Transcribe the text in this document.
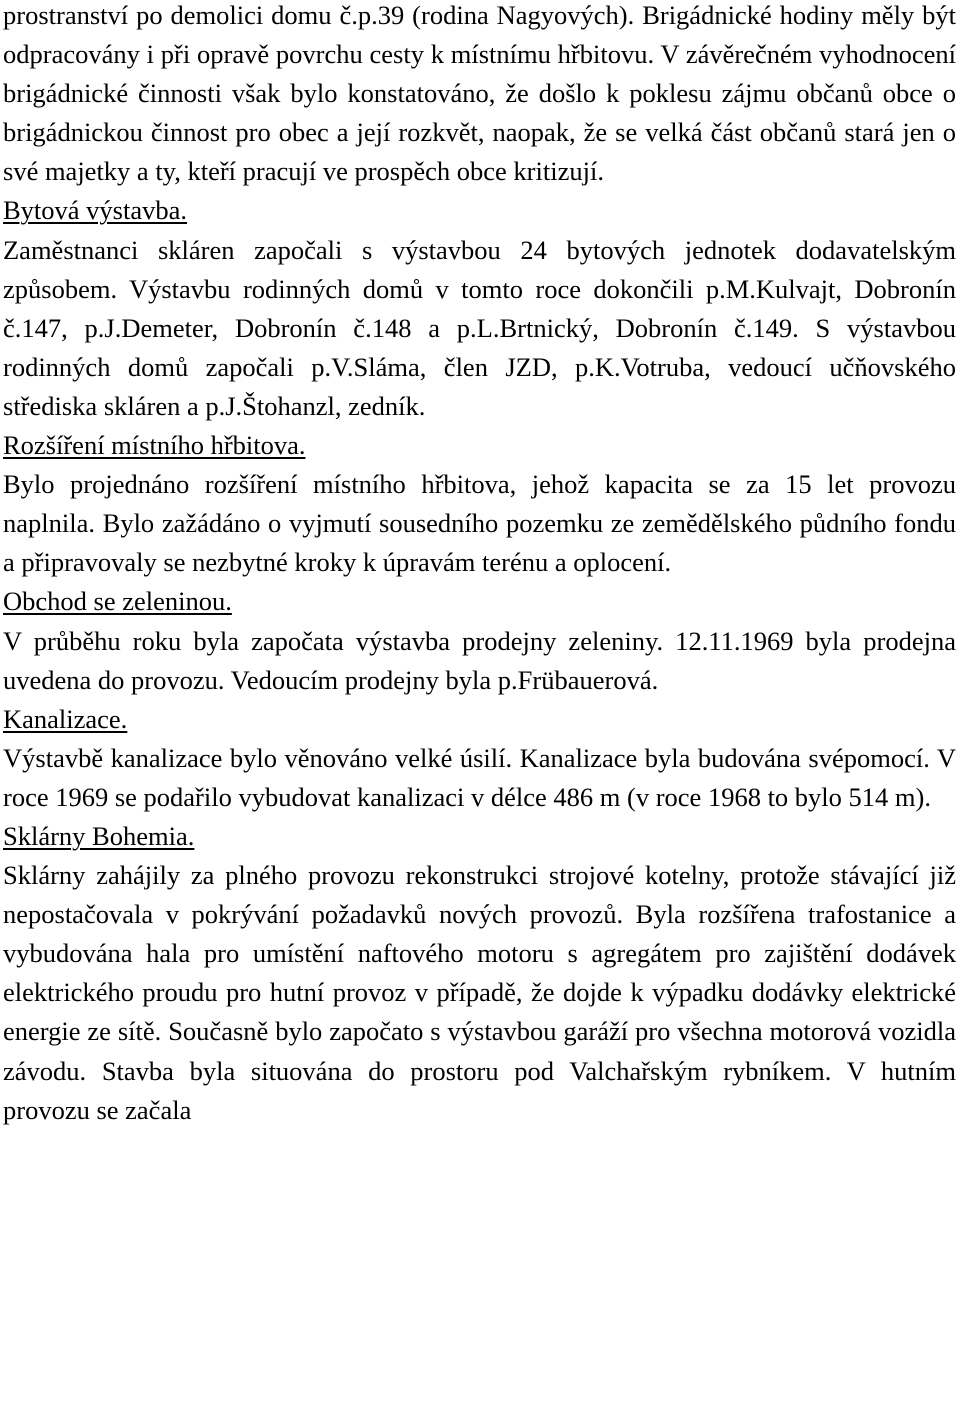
prostranství po demolici domu č.p.39 (rodina Nagyových). Brigádnické hodiny měly být odpracovány i při opravě povrchu cesty k místnímu hřbitovu. V závěrečném vyhodnocení brigádnické činnosti však bylo konstatováno, že došlo k poklesu zájmu občanů obce o brigádnickou činnost pro obec a její rozkvět, naopak, že se velká část občanů stará jen o své majetky a ty, kteří pracují ve prospěch obce kritizují.

Bytová výstavba.

Zaměstnanci skláren započali s výstavbou 24 bytových jednotek dodavatelským způsobem. Výstavbu rodinných domů v tomto roce dokončili p.M.Kulvajt, Dobronín č.147, p.J.Demeter, Dobronín č.148 a p.L.Brtnický, Dobronín č.149. S výstavbou rodinných domů započali p.V.Sláma, člen JZD, p.K.Votruba, vedoucí učňovského střediska skláren a p.J.Štohanzl, zedník.

Rozšíření místního hřbitova.

Bylo projednáno rozšíření místního hřbitova, jehož kapacita se za 15 let provozu naplnila. Bylo zažádáno o vyjmutí sousedního pozemku ze zemědělského půdního fondu a připravovaly se nezbytné kroky k úpravám terénu a oplocení.

Obchod se zeleninou.

V průběhu roku byla započata výstavba prodejny zeleniny. 12.11.1969 byla prodejna uvedena do provozu. Vedoucím prodejny byla p.Frübauerová.

Kanalizace.

Výstavbě kanalizace bylo věnováno velké úsilí. Kanalizace byla budována svépomocí. V roce 1969 se podařilo vybudovat kanalizaci v délce 486 m (v roce 1968 to bylo 514 m).

Sklárny Bohemia.

Sklárny zahájily za plného provozu rekonstrukci strojové kotelny, protože stávající již nepostačovala v pokrývání požadavků nových provozů. Byla rozšířena trafostanice a vybudována hala pro umístění naftového motoru s agregátem pro zajištění dodávek elektrického proudu pro hutní provoz v případě, že dojde k výpadku dodávky elektrické energie ze sítě. Současně bylo započato s výstavbou garáží pro všechna motorová vozidla závodu. Stavba byla situována do prostoru pod Valchařským rybníkem. V hutním provozu se začala
